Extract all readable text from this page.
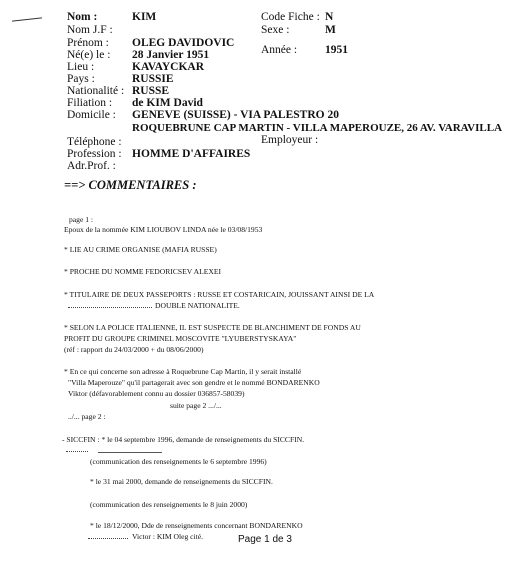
Nom :	KIM
Nom J.F :
Prénom : OLEG DAVIDOVIC
Né(e) le : 28 Janvier 1951
Lieu :	KAVAYCKAR
Pays :	RUSSIE
Nationalité : RUSSE
Filiation : de KIM David
Domicile : GENEVE (SUISSE) - VIA PALESTRO 20
ROQUEBRUNE CAP MARTIN - VILLA MAPEROUZE, 26 AV. VARAVILLA
Téléphone :
Profession : HOMME D'AFFAIRES
Adr.Prof. :
Code Fiche : N
Sexe :	M
Année : 1951
Employeur :
==> COMMENTAIRES :
page 1 :
Epoux de la nommée KIM LIOUBOV LINDA née le 03/08/1953
* LIE AU CRIME ORGANISE (MAFIA RUSSE)
* PROCHE DU NOMME FEDORICSEV ALEXEI
* TITULAIRE DE DEUX PASSEPORTS : RUSSE ET COSTARICAIN, JOUISSANT AINSI DE LA
DOUBLE NATIONALITE.
* SELON LA POLICE ITALIENNE, IL EST SUSPECTE DE BLANCHIMENT DE FONDS AU
PROFIT DU GROUPE CRIMINEL MOSCOVITE "LYUBERSTYSKAYA"
(réf : rapport du 24/03/2000 + du 08/06/2000)
* En ce qui concerne son adresse à Roquebrune Cap Martin, il y serait installé
"Villa Maperouze" qu'il partagerait avec son gendre et le nommé BONDARENKO
Viktor (défavorablement connu au dossier 036857-58039)
suite page 2 .../...
../... page 2 :
- SICCFIN : * le 04 septembre 1996, demande de renseignements du SICCFIN.
(communication des renseignements le 6 septembre 1996)
* le 31 mai 2000, demande de renseignements du SICCFIN.
(communication des renseignements le 8 juin 2000)
* le 18/12/2000, Dde de renseignements concernant BONDARENKO
Victor : KIM Oleg cité.	Page 1 de 3
